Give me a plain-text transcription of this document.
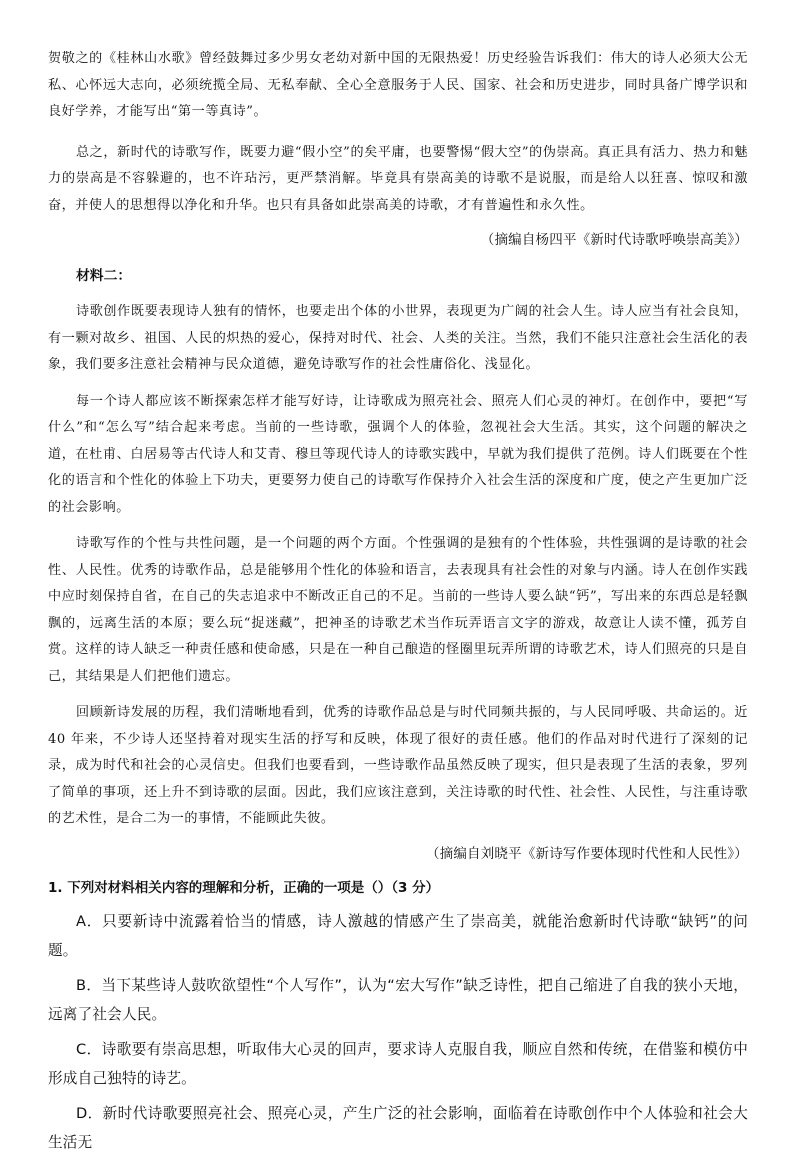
贺敬之的《桂林山水歌》曾经鼓舞过多少男女老幼对新中国的无限热爱！历史经验告诉我们：伟大的诗人必须大公无私、心怀远大志向，必须统揽全局、无私奉献、全心全意服务于人民、国家、社会和历史进步，同时具备广博学识和良好学养，才能写出“第一等真诗”。

总之，新时代的诗歌写作，既要力避“假小空”的矣平庸，也要警惕“假大空”的伪崇高。真正具有活力、热力和魅力的崇高是不容躲避的，也不许玷污，更严禁消解。毕竟具有崇高美的诗歌不是说服，而是给人以狂喜、惊叹和激奋，并使人的思想得以净化和升华。也只有具备如此崇高美的诗歌，才有普遍性和永久性。

（摘编自杨四平《新时代诗歌呼唤崇高美》）

材料二：

诗歌创作既要表现诗人独有的情怀，也要走出个体的小世界，表现更为广阔的社会人生。诗人应当有社会良知，有一颗对故乡、祖国、人民的炽热的爱心，保持对时代、社会、人类的关注。当然，我们不能只注意社会生活化的表象，我们要多注意社会精神与民众道德，避免诗歌写作的社会性庸俗化、浅显化。

每一个诗人都应该不断探索怎样才能写好诗，让诗歌成为照亮社会、照亮人们心灵的神灯。在创作中，要把“写什么”和“怎么写”结合起来考虑。当前的一些诗歌，强调个人的体验，忽视社会大生活。其实，这个问题的解决之道，在杜甫、白居易等古代诗人和艾青、穆旦等现代诗人的诗歌实践中，早就为我们提供了范例。诗人们既要在个性化的语言和个性化的体验上下功夫，更要努力使自己的诗歌写作保持介入社会生活的深度和广度，使之产生更加广泛的社会影响。

诗歌写作的个性与共性问题，是一个问题的两个方面。个性强调的是独有的个性体验，共性强调的是诗歌的社会性、人民性。优秀的诗歌作品，总是能够用个性化的体验和语言，去表现具有社会性的对象与内涵。诗人在创作实践中应时刻保持自省，在自己的失志追求中不断改正自己的不足。当前的一些诗人要么缺“钙”，写出来的东西总是轻飘飘的，远离生活的本原；要么玩“捉迷藏”，把神圣的诗歌艺术当作玩弄语言文字的游戏，故意让人读不懂，孤芳自赏。这样的诗人缺乏一种责任感和使命感，只是在一种自己酿造的怪圈里玩弄所谓的诗歌艺术，诗人们照亮的只是自己，其结果是人们把他们遗忘。

回顾新诗发展的历程，我们清晰地看到，优秀的诗歌作品总是与时代同频共振的，与人民同呼吸、共命运的。近 40 年来，不少诗人还坚持着对现实生活的抒写和反映，体现了很好的责任感。他们的作品对时代进行了深刻的记录，成为时代和社会的心灵信史。但我们也要看到，一些诗歌作品虽然反映了现实，但只是表现了生活的表象，罗列了简单的事项，还上升不到诗歌的层面。因此，我们应该注意到，关注诗歌的时代性、社会性、人民性，与注重诗歌的艺术性，是合二为一的事情，不能顾此失彼。

（摘编自刘晓平《新诗写作要体现时代性和人民性》）

1. 下列对材料相关内容的理解和分析，正确的一项是（）（3 分）

A．只要新诗中流露着恰当的情感，诗人激越的情感产生了崇高美，就能治愈新时代诗歌“缺钙”的问题。

B．当下某些诗人鼓吹欲望性“个人写作”，认为“宏大写作”缺乏诗性，把自己缩进了自我的狭小天地，远离了社会人民。

C．诗歌要有崇高思想，听取伟大心灵的回声，要求诗人克服自我，顺应自然和传统，在借鉴和模仿中形成自己独特的诗艺。

D．新时代诗歌要照亮社会、照亮心灵，产生广泛的社会影响，面临着在诗歌创作中个人体验和社会大生活无
